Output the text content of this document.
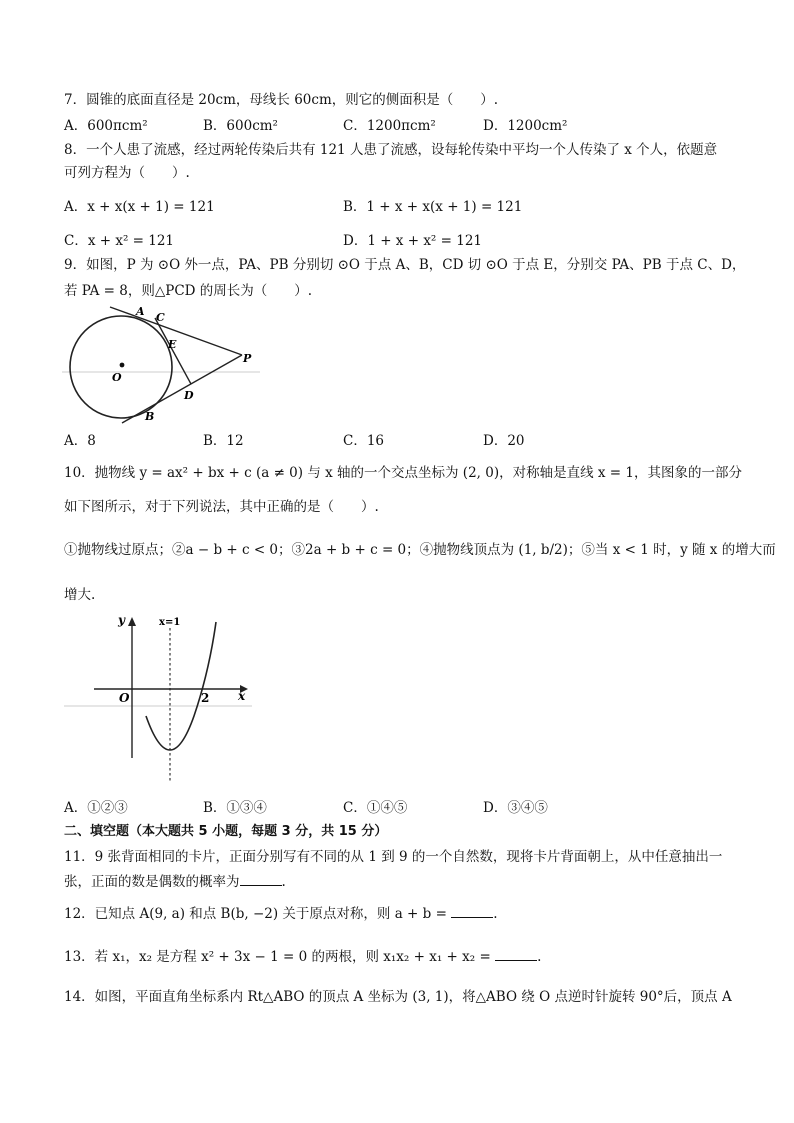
7．圆锥的底面直径是 20cm，母线长 60cm，则它的侧面积是（　　）.
A．600πcm²	B．600cm²	C．1200πcm²	D．1200cm²
8．一个人患了流感，经过两轮传染后共有 121 人患了流感，设每轮传染中平均一个人传染了 x 个人，依题意
可列方程为（　　）.
A．x + x(x + 1) = 121	B．1 + x + x(x + 1) = 121
C．x + x² = 121	D．1 + x + x² = 121
9．如图，P 为 ⊙O 外一点，PA、PB 分别切 ⊙O 于点 A、B，CD 切 ⊙O 于点 E，分别交 PA、PB 于点 C、D，
若 PA = 8，则△PCD 的周长为（　　）.
A C
E
P
O
D
B
A．8	B．12	C．16	D．20
10．抛物线 y = ax² + bx + c (a ≠ 0) 与 x 轴的一个交点坐标为 (2, 0)，对称轴是直线 x = 1，其图象的一部分
如下图所示，对于下列说法，其中正确的是（　　）.
①抛物线过原点；②a − b + c < 0；③2a + b + c = 0；④抛物线顶点为 (1, b/2)；⑤当 x < 1 时，y 随 x 的增大而
增大.
y	x=1
O	2 x
A．①②③	B．①③④	C．①④⑤	D．③④⑤
二、填空题（本大题共 5 小题，每题 3 分，共 15 分）
11．9 张背面相同的卡片，正面分别写有不同的从 1 到 9 的一个自然数，现将卡片背面朝上，从中任意抽出一
张，正面的数是偶数的概率为	.
12．已知点 A(9, a) 和点 B(b, −2) 关于原点对称，则 a + b =	.
13．若 x₁，x₂ 是方程 x² + 3x − 1 = 0 的两根，则 x₁x₂ + x₁ + x₂ =	.
14．如图，平面直角坐标系内 Rt△ABO 的顶点 A 坐标为 (3, 1)，将△ABO 绕 O 点逆时针旋转 90°后，顶点 A
